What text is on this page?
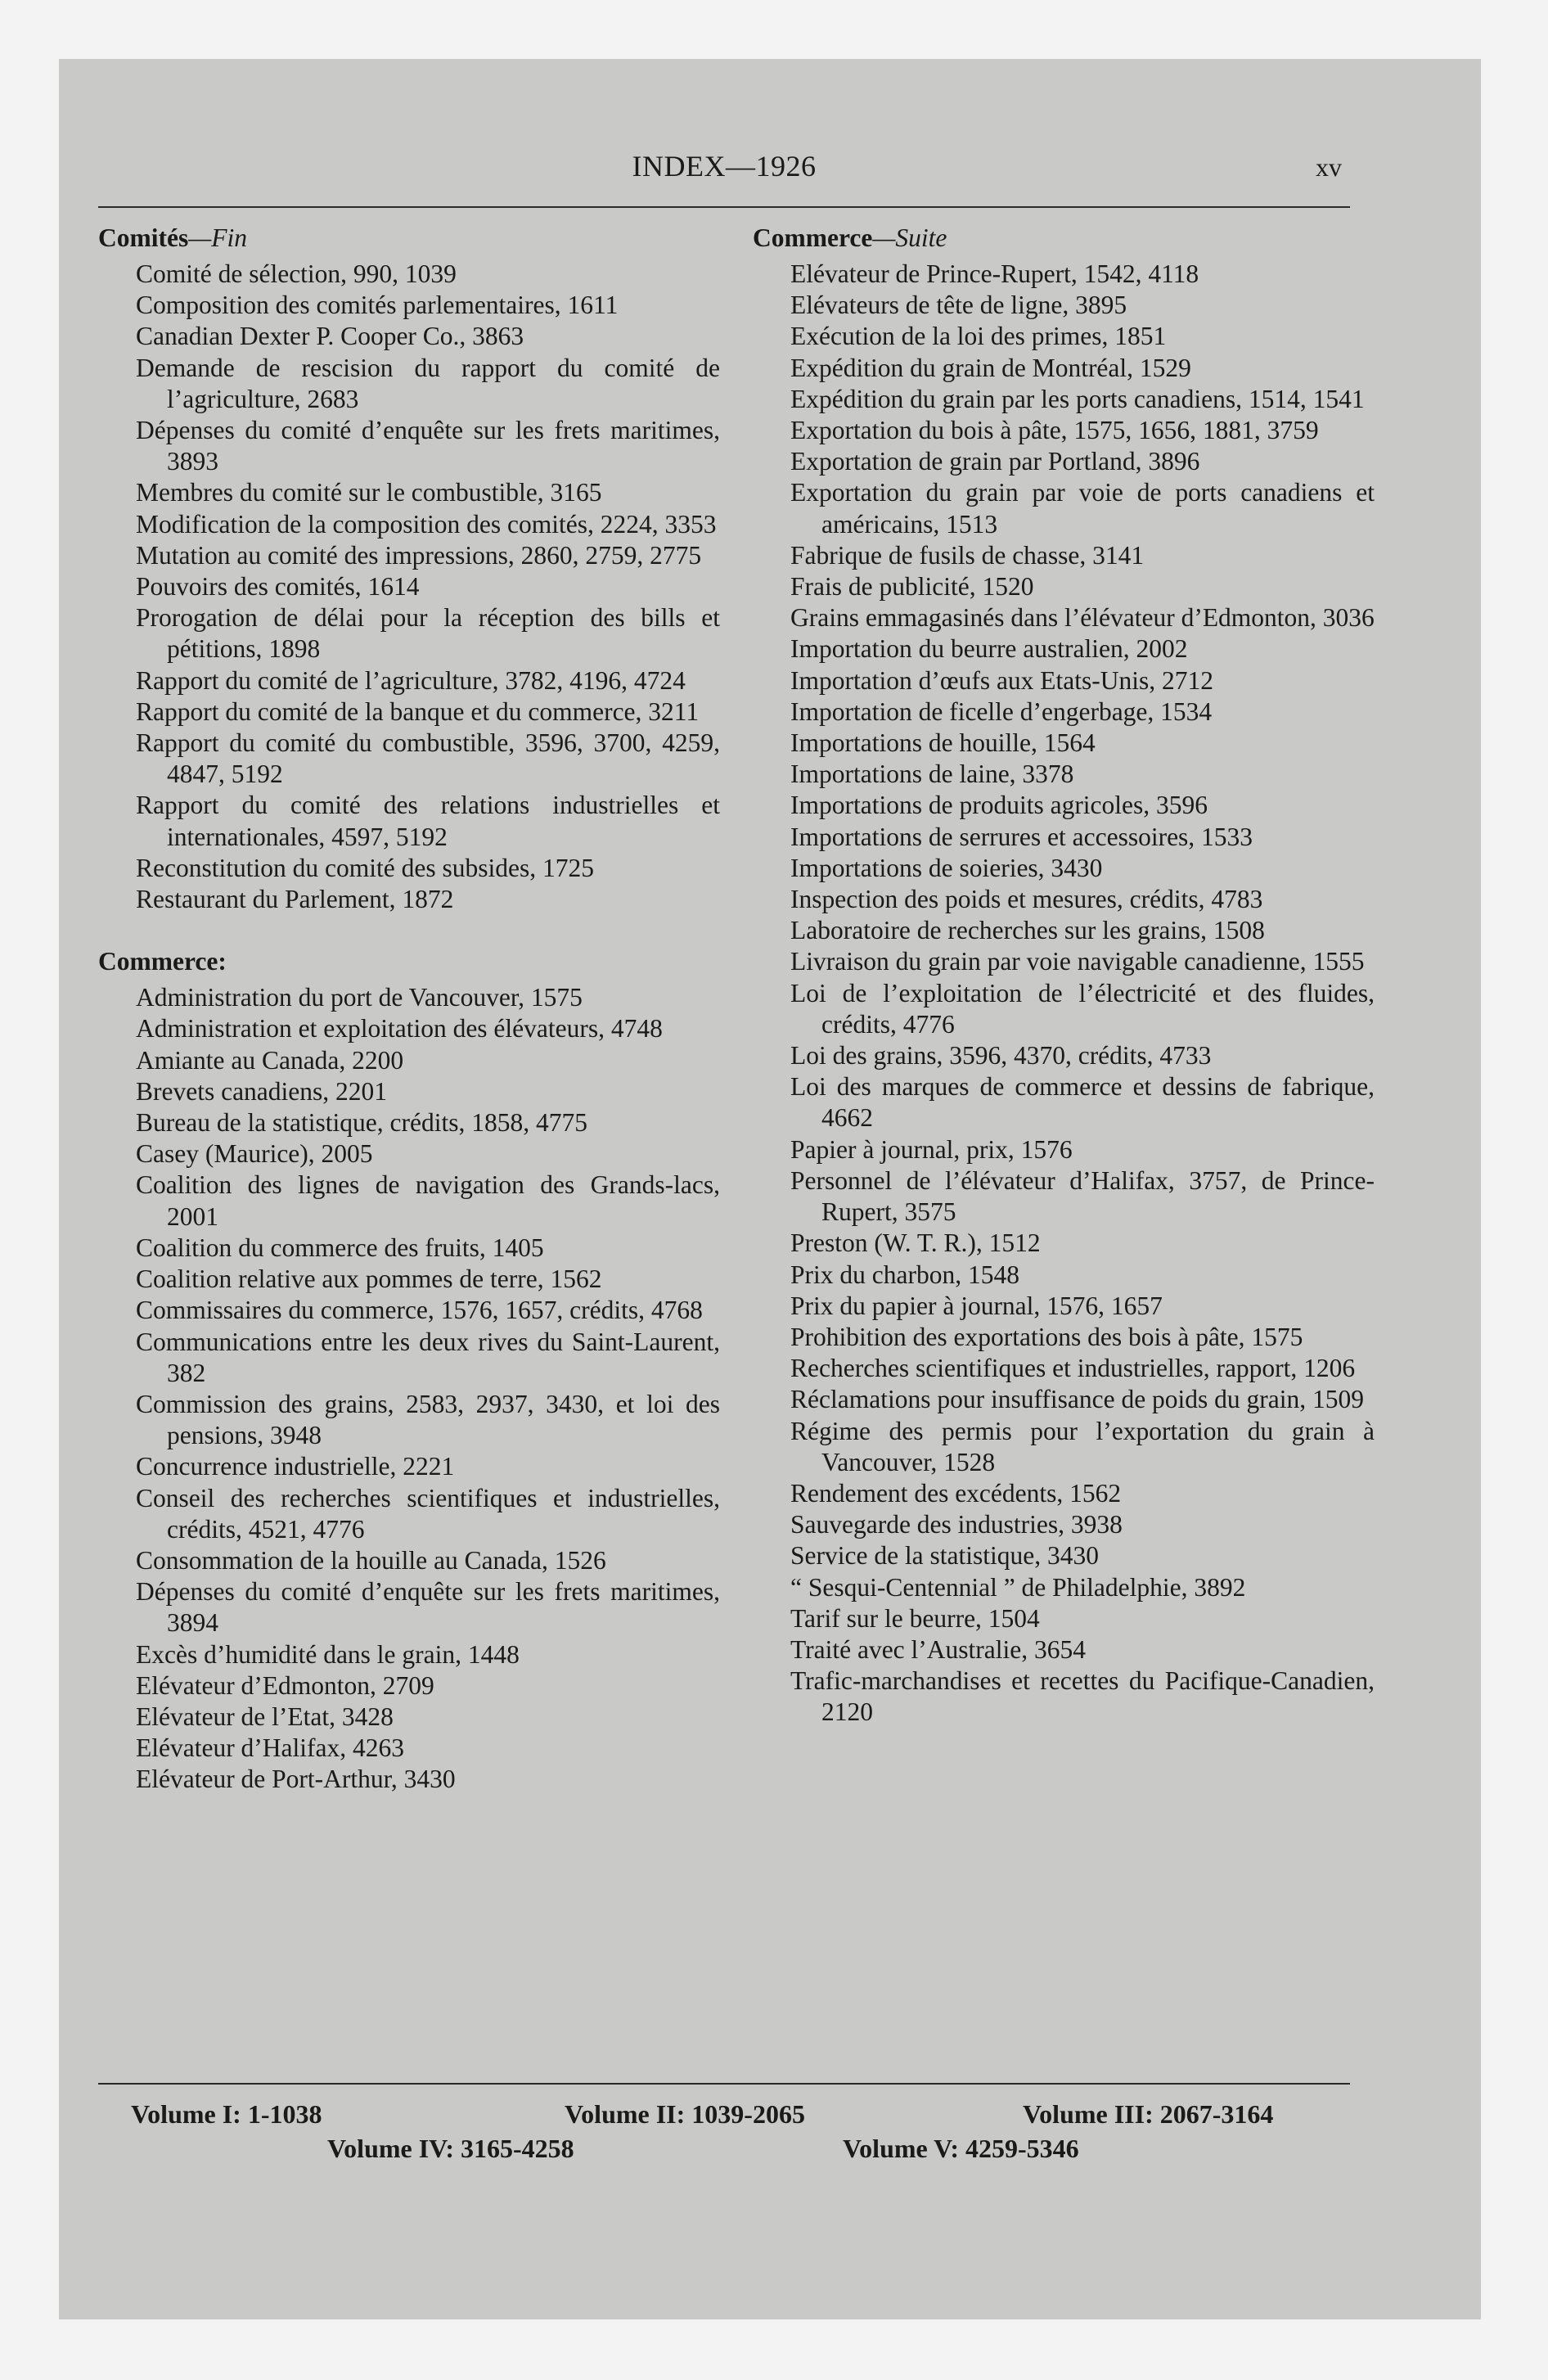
INDEX—1926	xv
Comités—Fin
Comité de sélection, 990, 1039
Composition des comités parlementaires, 1611
Canadian Dexter P. Cooper Co., 3863
Demande de rescision du rapport du comité de l’agriculture, 2683
Dépenses du comité d’enquête sur les frets maritimes, 3893
Membres du comité sur le combustible, 3165
Modification de la composition des comités, 2224, 3353
Mutation au comité des impressions, 2860, 2759, 2775
Pouvoirs des comités, 1614
Prorogation de délai pour la réception des bills et pétitions, 1898
Rapport du comité de l’agriculture, 3782, 4196, 4724
Rapport du comité de la banque et du commerce, 3211
Rapport du comité du combustible, 3596, 3700, 4259, 4847, 5192
Rapport du comité des relations industrielles et internationales, 4597, 5192
Reconstitution du comité des subsides, 1725
Restaurant du Parlement, 1872
Commerce:
Administration du port de Vancouver, 1575
Administration et exploitation des élévateurs, 4748
Amiante au Canada, 2200
Brevets canadiens, 2201
Bureau de la statistique, crédits, 1858, 4775
Casey (Maurice), 2005
Coalition des lignes de navigation des Grands-lacs, 2001
Coalition du commerce des fruits, 1405
Coalition relative aux pommes de terre, 1562
Commissaires du commerce, 1576, 1657, crédits, 4768
Communications entre les deux rives du Saint-Laurent, 382
Commission des grains, 2583, 2937, 3430, et loi des pensions, 3948
Concurrence industrielle, 2221
Conseil des recherches scientifiques et industrielles, crédits, 4521, 4776
Consommation de la houille au Canada, 1526
Dépenses du comité d’enquête sur les frets maritimes, 3894
Excès d’humidité dans le grain, 1448
Elévateur d’Edmonton, 2709
Elévateur de l’Etat, 3428
Elévateur d’Halifax, 4263
Elévateur de Port-Arthur, 3430
Commerce—Suite
Elévateur de Prince-Rupert, 1542, 4118
Elévateurs de tête de ligne, 3895
Exécution de la loi des primes, 1851
Expédition du grain de Montréal, 1529
Expédition du grain par les ports canadiens, 1514, 1541
Exportation du bois à pâte, 1575, 1656, 1881, 3759
Exportation de grain par Portland, 3896
Exportation du grain par voie de ports canadiens et américains, 1513
Fabrique de fusils de chasse, 3141
Frais de publicité, 1520
Grains emmagasinés dans l’élévateur d’Edmonton, 3036
Importation du beurre australien, 2002
Importation d’œufs aux Etats-Unis, 2712
Importation de ficelle d’engerbage, 1534
Importations de houille, 1564
Importations de laine, 3378
Importations de produits agricoles, 3596
Importations de serrures et accessoires, 1533
Importations de soieries, 3430
Inspection des poids et mesures, crédits, 4783
Laboratoire de recherches sur les grains, 1508
Livraison du grain par voie navigable canadienne, 1555
Loi de l’exploitation de l’électricité et des fluides, crédits, 4776
Loi des grains, 3596, 4370, crédits, 4733
Loi des marques de commerce et dessins de fabrique, 4662
Papier à journal, prix, 1576
Personnel de l’élévateur d’Halifax, 3757, de Prince-Rupert, 3575
Preston (W. T. R.), 1512
Prix du charbon, 1548
Prix du papier à journal, 1576, 1657
Prohibition des exportations des bois à pâte, 1575
Recherches scientifiques et industrielles, rapport, 1206
Réclamations pour insuffisance de poids du grain, 1509
Régime des permis pour l’exportation du grain à Vancouver, 1528
Rendement des excédents, 1562
Sauvegarde des industries, 3938
Service de la statistique, 3430
“ Sesqui-Centennial ” de Philadelphie, 3892
Tarif sur le beurre, 1504
Traité avec l’Australie, 3654
Trafic-marchandises et recettes du Pacifique-Canadien, 2120
Volume I: 1-1038	Volume II: 1039-2065	Volume III: 2067-3164
Volume IV: 3165-4258	Volume V: 4259-5346
